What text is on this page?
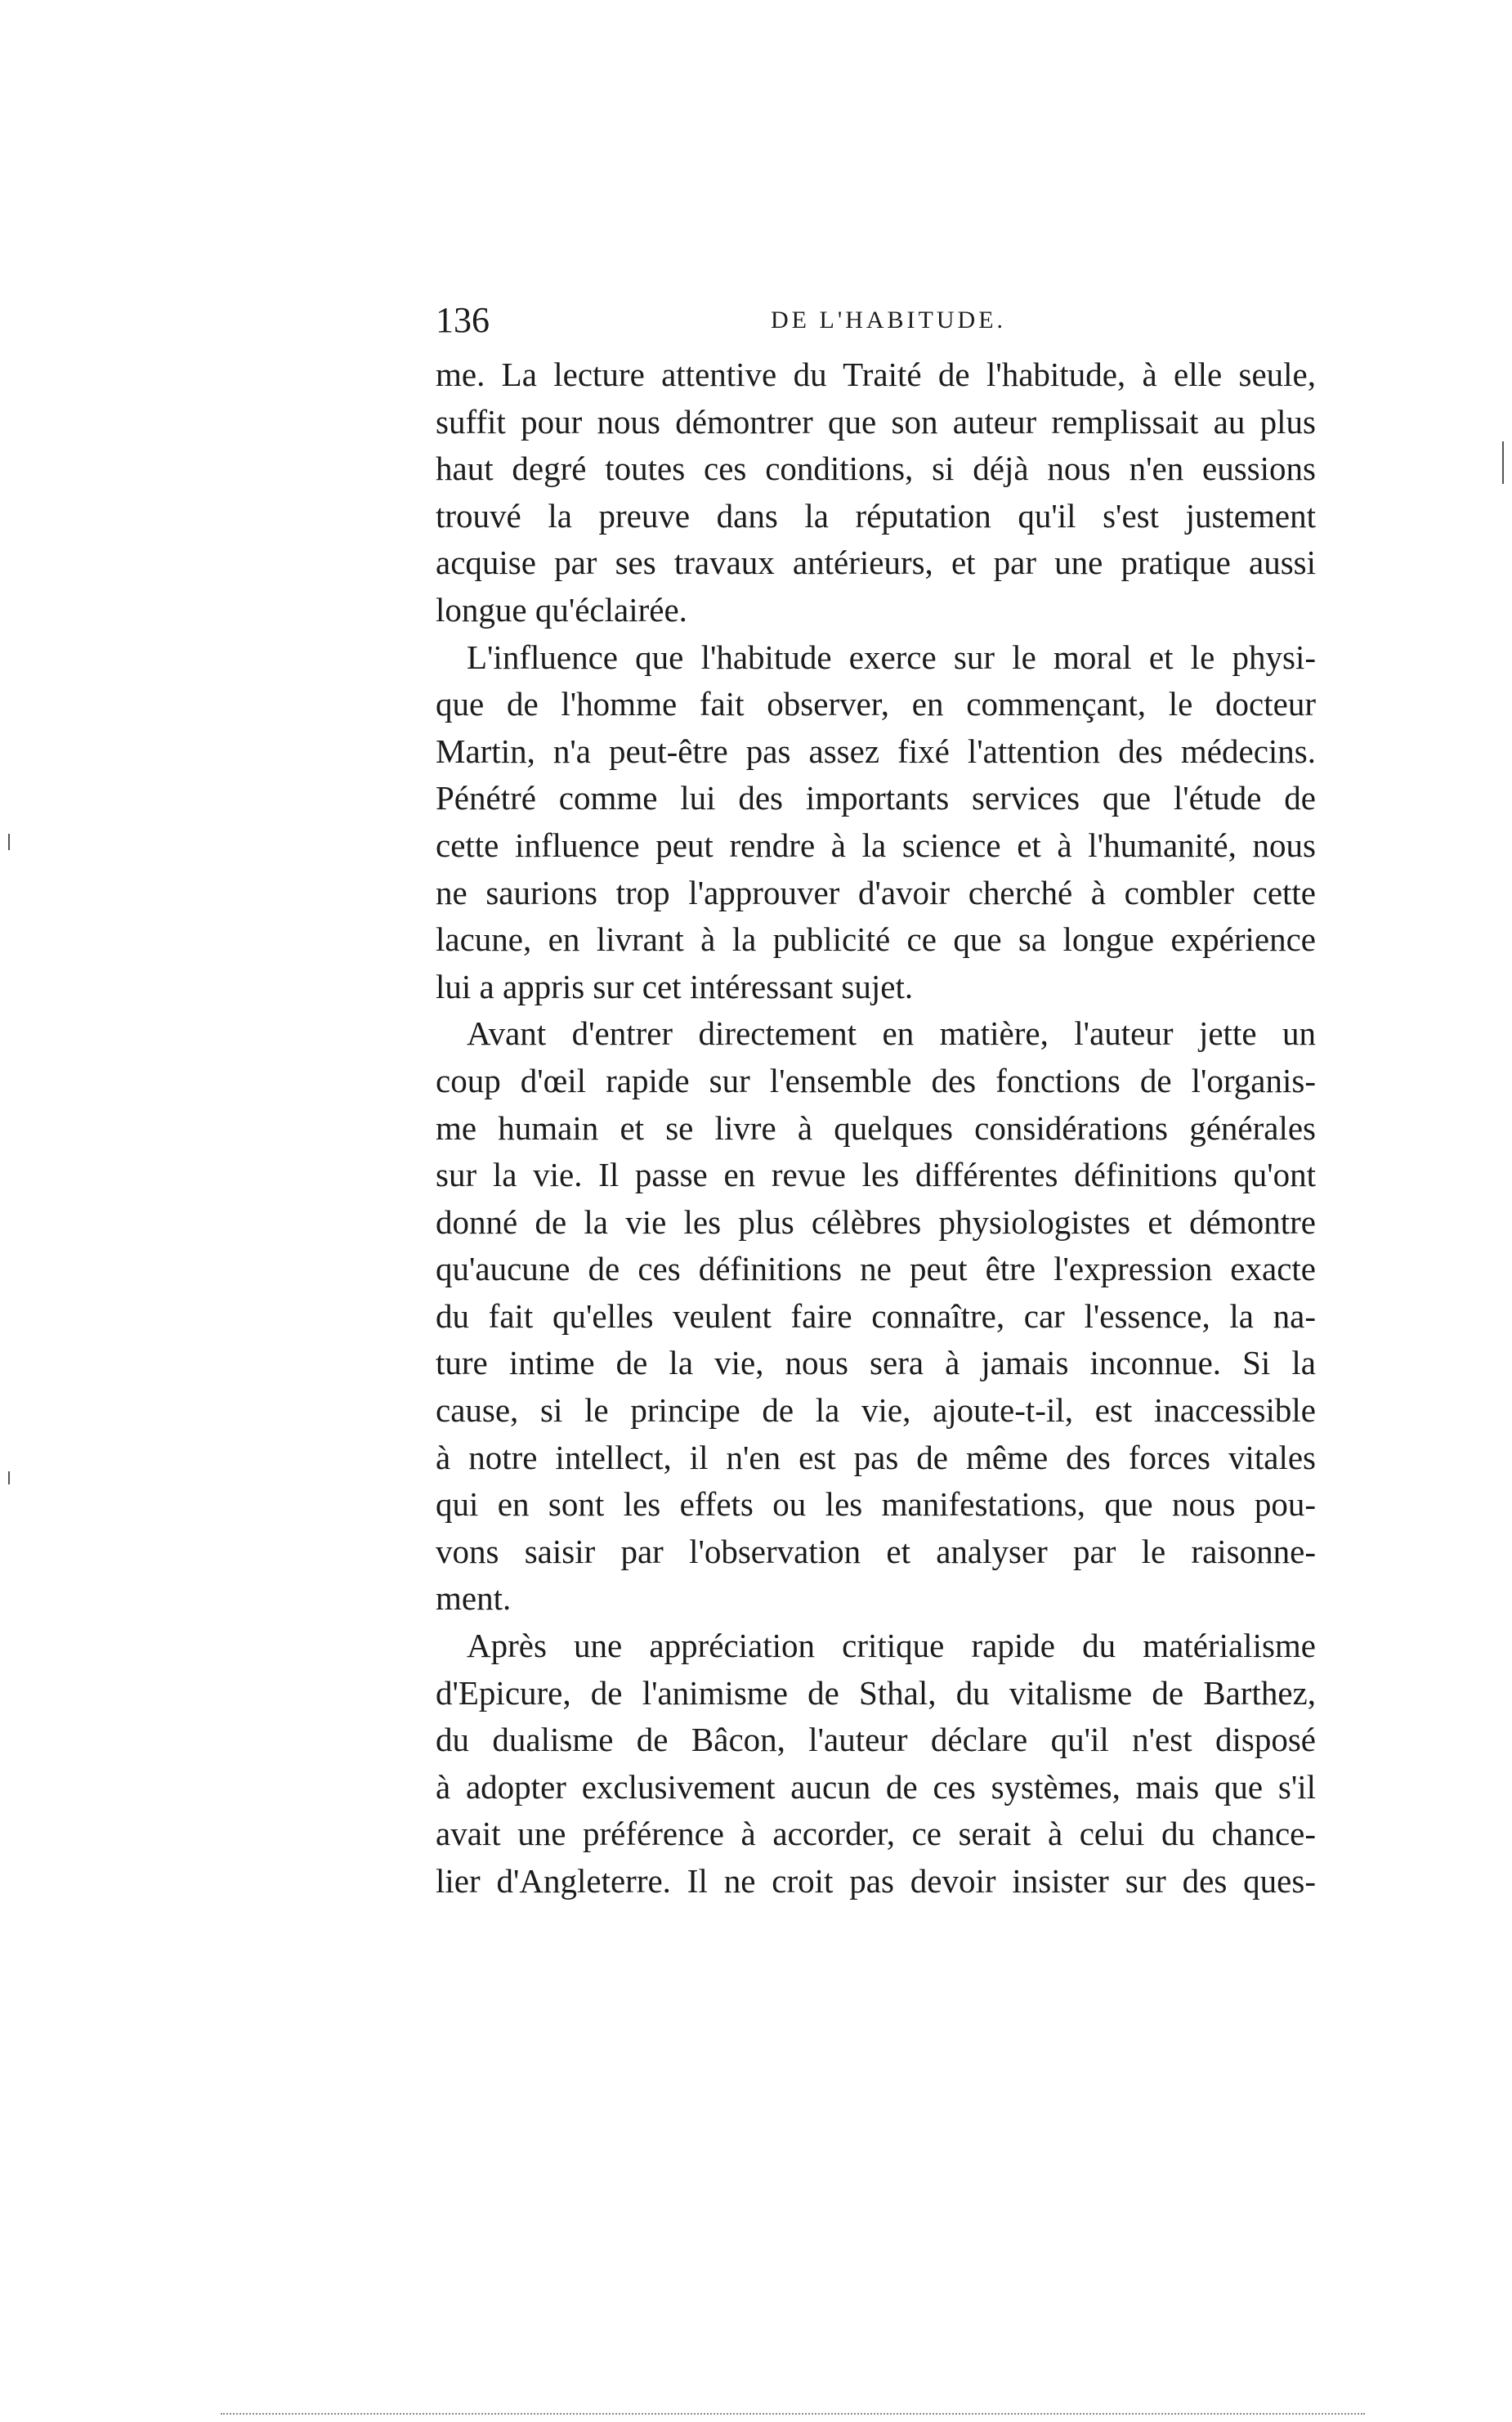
136	DE L'HABITUDE.
me. La lecture attentive du Traité de l'habitude, à elle seule,
suffit pour nous démontrer que son auteur remplissait au plus
haut degré toutes ces conditions, si déjà nous n'en eussions
trouvé la preuve dans la réputation qu'il s'est justement
acquise par ses travaux antérieurs, et par une pratique aussi
longue qu'éclairée.
L'influence que l'habitude exerce sur le moral et le physi-
que de l'homme fait observer, en commençant, le docteur
Martin, n'a peut-être pas assez fixé l'attention des médecins.
Pénétré comme lui des importants services que l'étude de
cette influence peut rendre à la science et à l'humanité, nous
ne saurions trop l'approuver d'avoir cherché à combler cette
lacune, en livrant à la publicité ce que sa longue expérience
lui a appris sur cet intéressant sujet.
Avant d'entrer directement en matière, l'auteur jette un
coup d'œil rapide sur l'ensemble des fonctions de l'organis-
me humain et se livre à quelques considérations générales
sur la vie. Il passe en revue les différentes définitions qu'ont
donné de la vie les plus célèbres physiologistes et démontre
qu'aucune de ces définitions ne peut être l'expression exacte
du fait qu'elles veulent faire connaître, car l'essence, la na-
ture intime de la vie, nous sera à jamais inconnue. Si la
cause, si le principe de la vie, ajoute-t-il, est inaccessible
à notre intellect, il n'en est pas de même des forces vitales
qui en sont les effets ou les manifestations, que nous pou-
vons saisir par l'observation et analyser par le raisonne-
ment.
Après une appréciation critique rapide du matérialisme
d'Epicure, de l'animisme de Sthal, du vitalisme de Barthez,
du dualisme de Bâcon, l'auteur déclare qu'il n'est disposé
à adopter exclusivement aucun de ces systèmes, mais que s'il
avait une préférence à accorder, ce serait à celui du chance-
lier d'Angleterre. Il ne croit pas devoir insister sur des ques-
